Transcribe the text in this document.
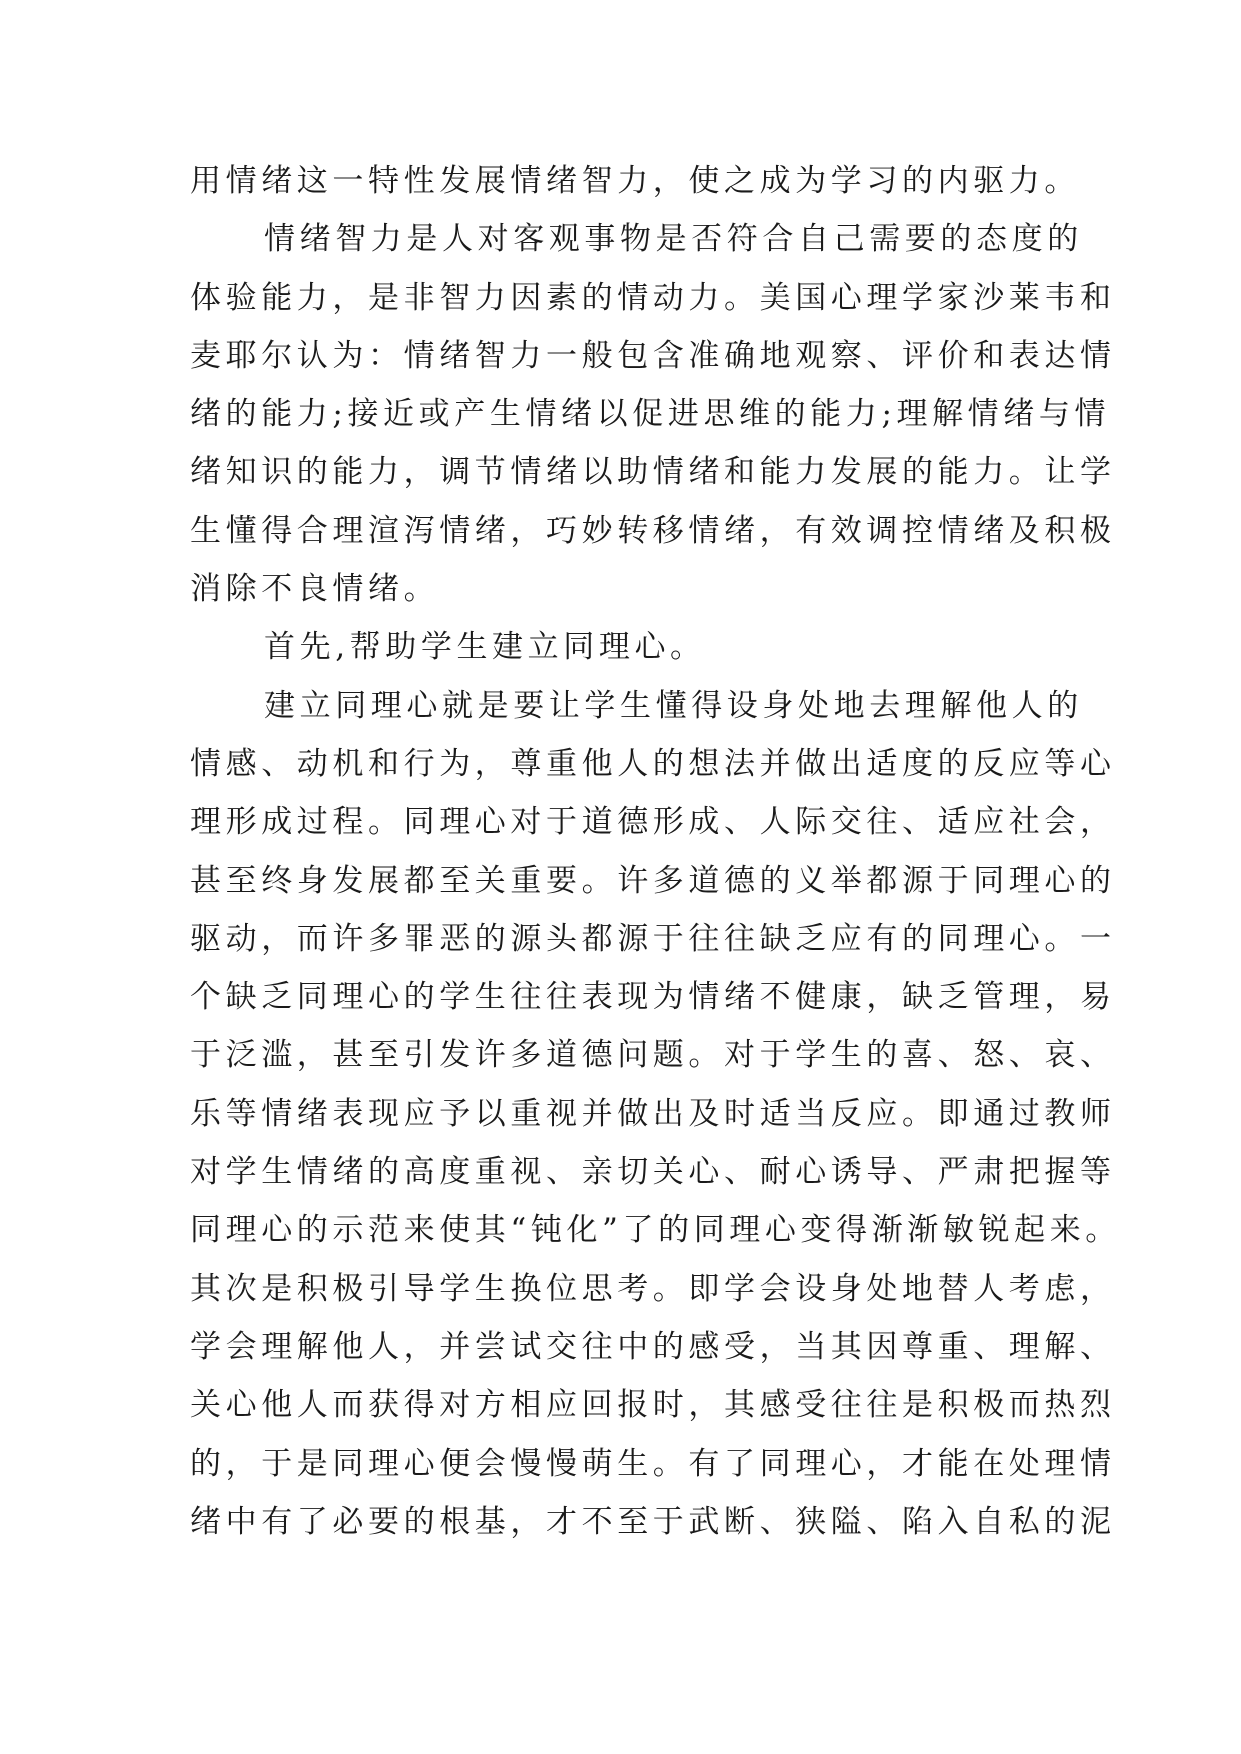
用情绪这一特性发展情绪智力，使之成为学习的内驱力。
情绪智力是人对客观事物是否符合自己需要的态度的
体验能力，是非智力因素的情动力。美国心理学家沙莱韦和
麦耶尔认为：情绪智力一般包含准确地观察、评价和表达情
绪的能力;接近或产生情绪以促进思维的能力;理解情绪与情
绪知识的能力，调节情绪以助情绪和能力发展的能力。让学
生懂得合理渲泻情绪，巧妙转移情绪，有效调控情绪及积极
消除不良情绪。
首先,帮助学生建立同理心。
建立同理心就是要让学生懂得设身处地去理解他人的
情感、动机和行为，尊重他人的想法并做出适度的反应等心
理形成过程。同理心对于道德形成、人际交往、适应社会，
甚至终身发展都至关重要。许多道德的义举都源于同理心的
驱动，而许多罪恶的源头都源于往往缺乏应有的同理心。一
个缺乏同理心的学生往往表现为情绪不健康，缺乏管理，易
于泛滥，甚至引发许多道德问题。对于学生的喜、怒、哀、
乐等情绪表现应予以重视并做出及时适当反应。即通过教师
对学生情绪的高度重视、亲切关心、耐心诱导、严肃把握等
同理心的示范来使其“钝化”了的同理心变得渐渐敏锐起来。
其次是积极引导学生换位思考。即学会设身处地替人考虑，
学会理解他人，并尝试交往中的感受，当其因尊重、理解、
关心他人而获得对方相应回报时，其感受往往是积极而热烈
的，于是同理心便会慢慢萌生。有了同理心，才能在处理情
绪中有了必要的根基，才不至于武断、狭隘、陷入自私的泥
